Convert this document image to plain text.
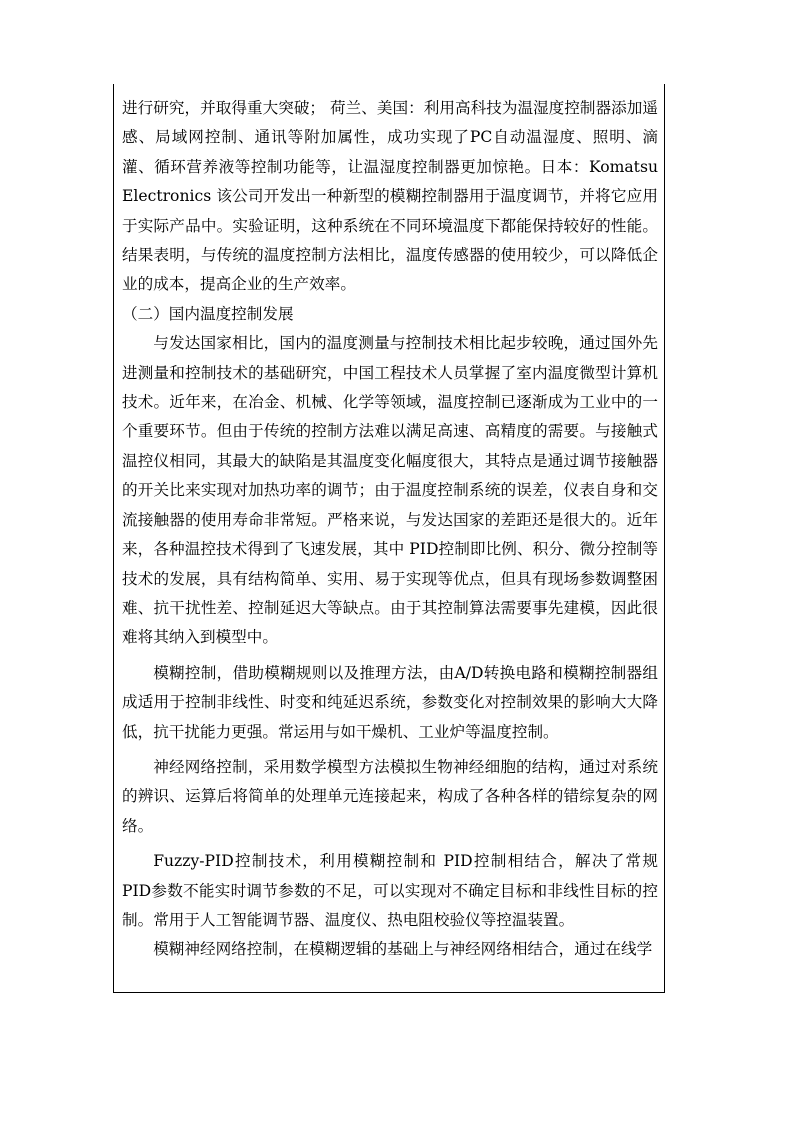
进行研究，并取得重大突破； 荷兰、美国：利用高科技为温湿度控制器添加遥感、局域网控制、通讯等附加属性，成功实现了PC自动温湿度、照明、滴灌、循环营养液等控制功能等，让温湿度控制器更加惊艳。日本：Komatsu Electronics 该公司开发出一种新型的模糊控制器用于温度调节，并将它应用于实际产品中。实验证明，这种系统在不同环境温度下都能保持较好的性能。 结果表明，与传统的温度控制方法相比，温度传感器的使用较少，可以降低企业的成本，提高企业的生产效率。

（二）国内温度控制发展

与发达国家相比，国内的温度测量与控制技术相比起步较晚，通过国外先进测量和控制技术的基础研究，中国工程技术人员掌握了室内温度微型计算机技术。近年来，在冶金、机械、化学等领域，温度控制已逐渐成为工业中的一个重要环节。但由于传统的控制方法难以满足高速、高精度的需要。与接触式温控仪相同，其最大的缺陷是其温度变化幅度很大，其特点是通过调节接触器的开关比来实现对加热功率的调节；由于温度控制系统的误差，仪表自身和交流接触器的使用寿命非常短。严格来说，与发达国家的差距还是很大的。近年来，各种温控技术得到了飞速发展，其中 PID控制即比例、积分、微分控制等技术的发展，具有结构简单、实用、易于实现等优点，但具有现场参数调整困难、抗干扰性差、控制延迟大等缺点。由于其控制算法需要事先建模，因此很难将其纳入到模型中。

模糊控制，借助模糊规则以及推理方法，由A/D转换电路和模糊控制器组成适用于控制非线性、时变和纯延迟系统，参数变化对控制效果的影响大大降低，抗干扰能力更强。常运用与如干燥机、工业炉等温度控制。

神经网络控制，采用数学模型方法模拟生物神经细胞的结构，通过对系统的辨识、运算后将简单的处理单元连接起来，构成了各种各样的错综复杂的网络。

Fuzzy-PID控制技术，利用模糊控制和 PID控制相结合，解决了常规 PID参数不能实时调节参数的不足，可以实现对不确定目标和非线性目标的控制。常用于人工智能调节器、温度仪、热电阻校验仪等控温装置。

模糊神经网络控制，在模糊逻辑的基础上与神经网络相结合，通过在线学
